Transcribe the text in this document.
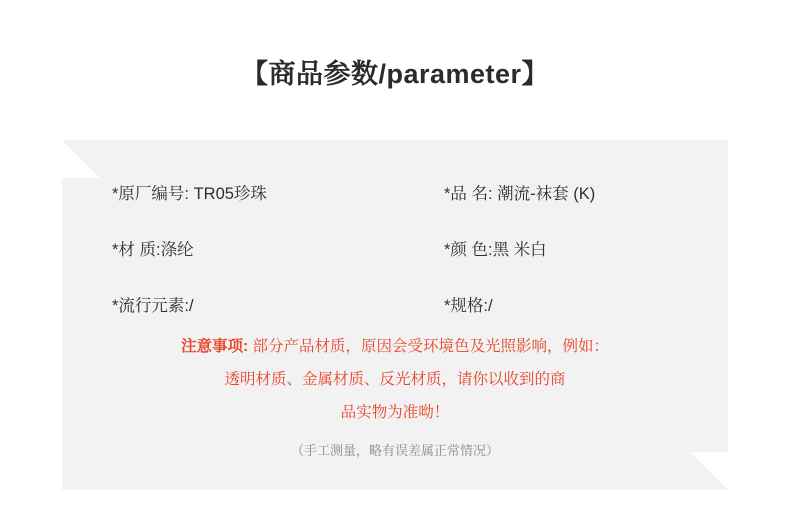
【商品参数/parameter】
*原厂编号: TR05珍珠	*品 名: 潮流-袜套 (K)
*材 质:涤纶	*颜 色:黑 米白
*流行元素:/	*规格:/
注意事项: 部分产品材质，原因会受环境色及光照影响，例如：
透明材质、金属材质、反光材质，请你以收到的商
品实物为准呦！
（手工测量，略有误差属正常情况）
